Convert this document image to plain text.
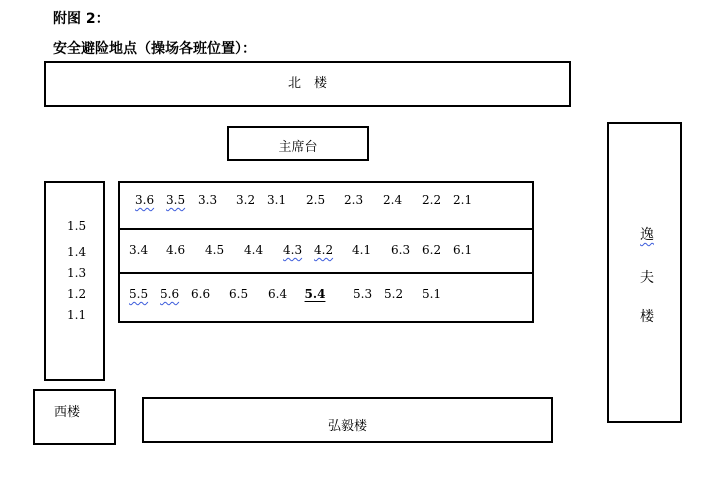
附图 2：
安全避险地点（操场各班位置）：
北　楼
主席台
逸
夫
楼
1.5
1.4
1.3
1.2
1.1
3.6 3.5 3.3 3.2 3.1 2.5 2.3 2.4 2.2 2.1
3.4 4.6 4.5 4.4 4.3 4.2 4.1 6.3 6.2 6.1
5.5 5.6 6.6 6.5 6.4	5.4	5.3 5.2 5.1
西楼
弘毅楼
